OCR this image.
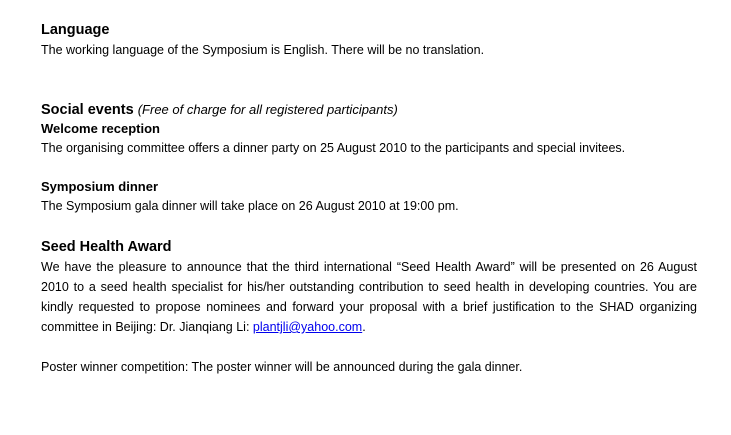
Language
The working language of the Symposium is English. There will be no translation.
Social events (Free of charge for all registered participants)
Welcome reception
The organising committee offers a dinner party on 25 August 2010 to the participants and special invitees.
Symposium dinner
The Symposium gala dinner will take place on 26 August 2010 at 19:00 pm.
Seed Health Award
We have the pleasure to announce that the third international “Seed Health Award” will be presented on 26 August 2010 to a seed health specialist for his/her outstanding contribution to seed health in developing countries. You are kindly requested to propose nominees and forward your proposal with a brief justification to the SHAD organizing committee in Beijing: Dr. Jianqiang Li: plantjli@yahoo.com.
Poster winner competition: The poster winner will be announced during the gala dinner.
